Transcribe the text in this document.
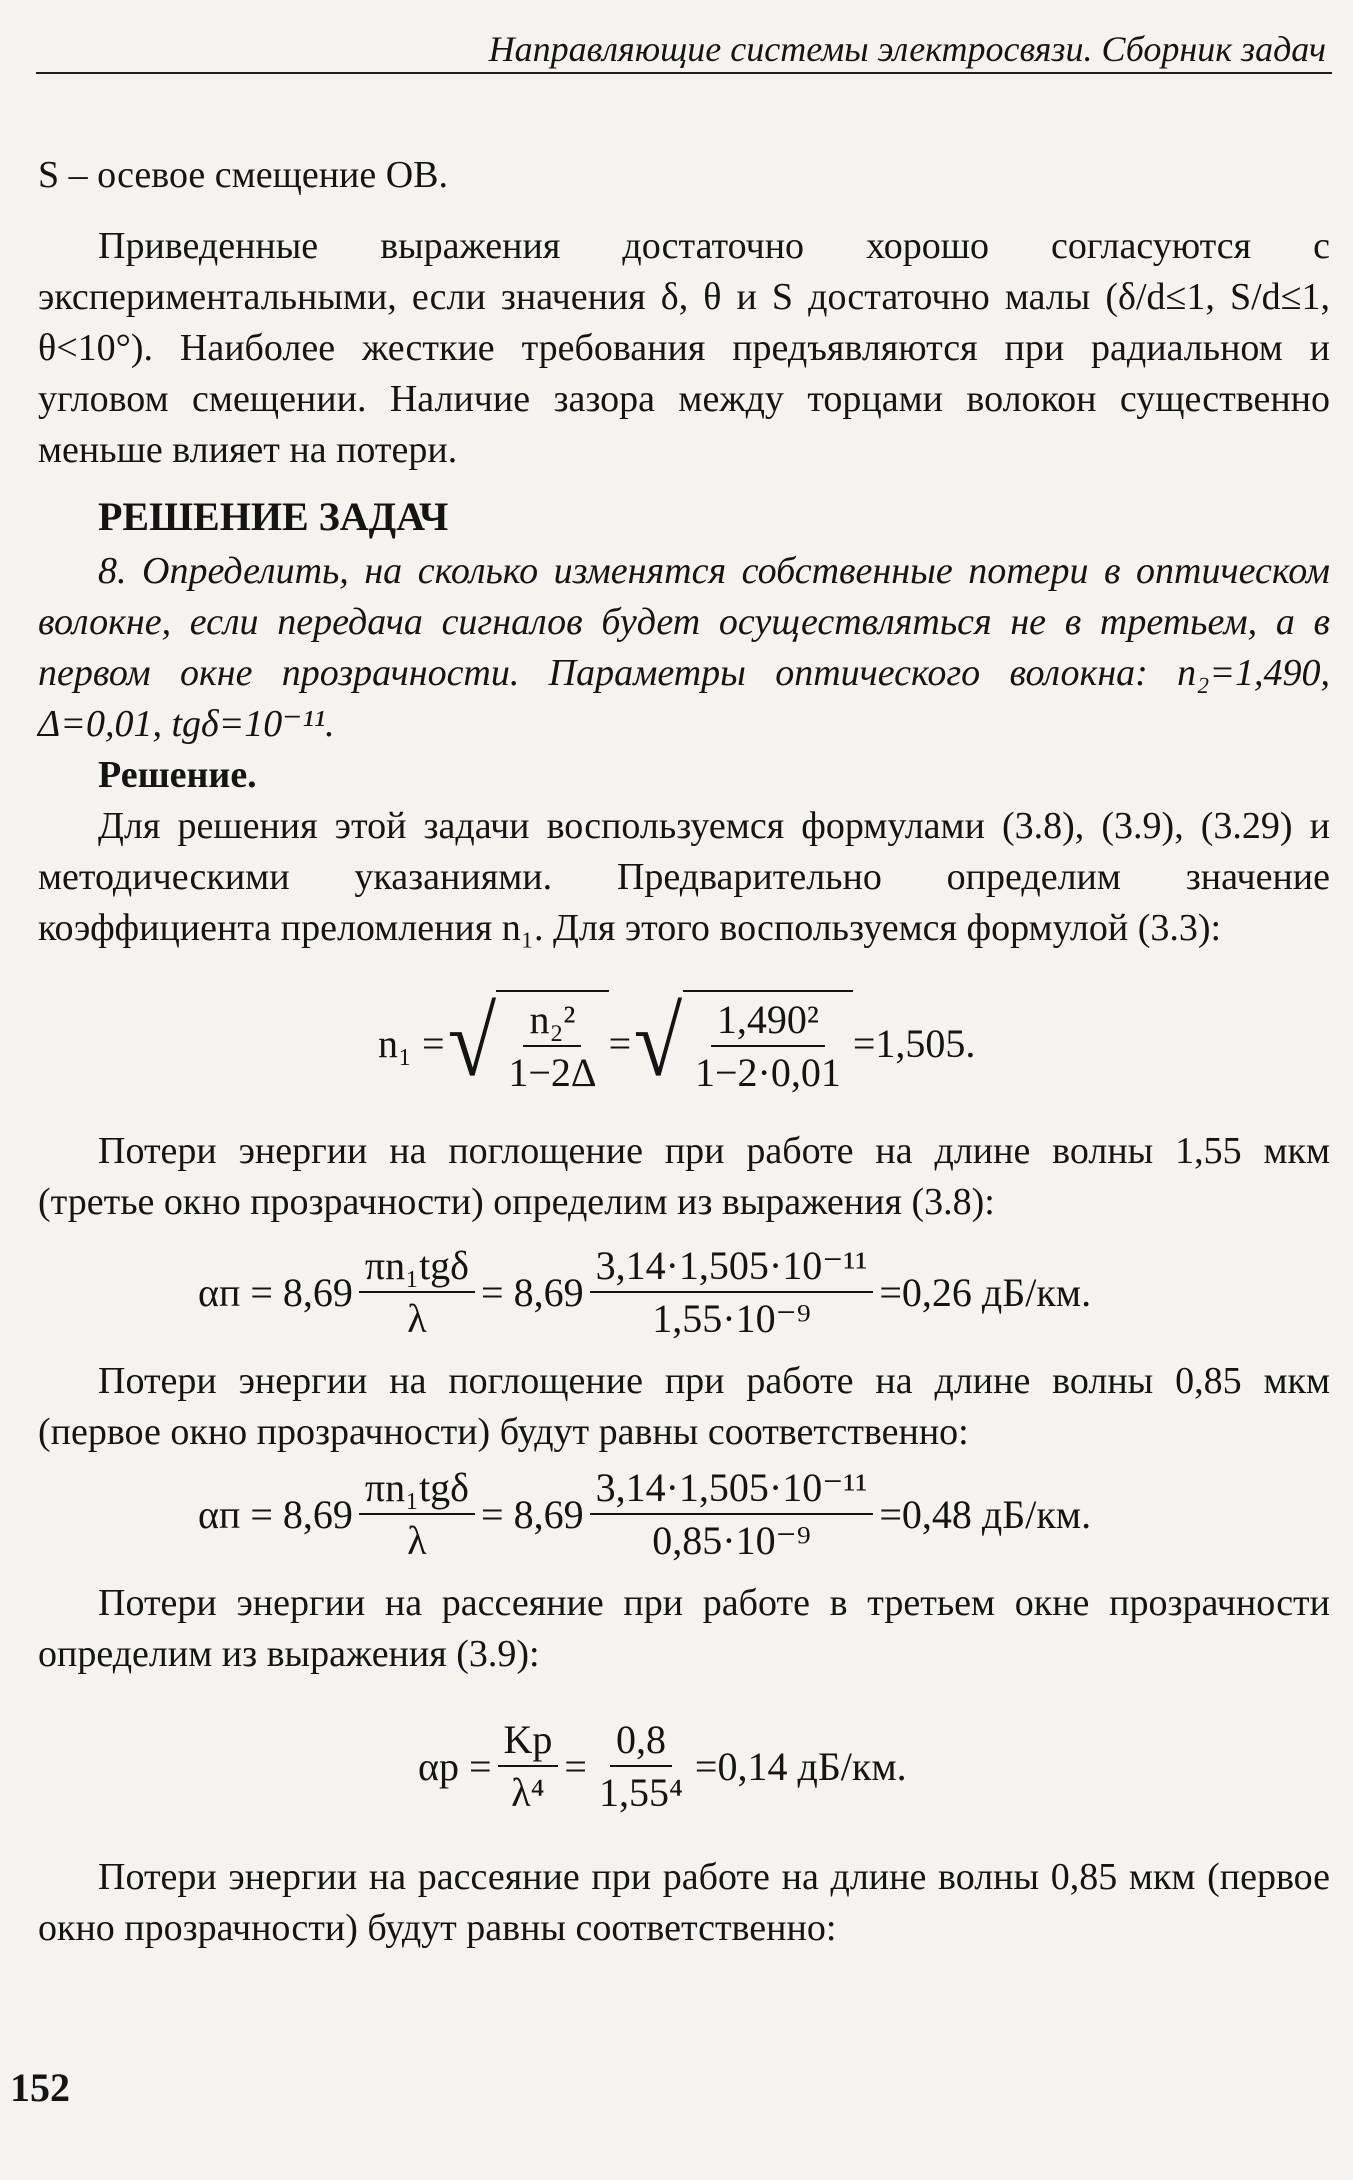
Направляющие системы электросвязи. Сборник задач

S – осевое смещение ОВ.

Приведенные выражения достаточно хорошо согласуются с экспериментальными, если значения δ, θ и S достаточно малы (δ/d≤1, S/d≤1, θ<10°). Наиболее жесткие требования предъявляются при радиальном и угловом смещении. Наличие зазора между торцами волокон существенно меньше влияет на потери.

РЕШЕНИЕ ЗАДАЧ

8. Определить, на сколько изменятся собственные потери в оптическом волокне, если передача сигналов будет осуществляться не в третьем, а в первом окне прозрачности. Параметры оптического волокна: n₂=1,490, Δ=0,01, tgδ=10⁻¹¹.

Решение.

Для решения этой задачи воспользуемся формулами (3.8), (3.9), (3.29) и методическими указаниями. Предварительно определим значение коэффициента преломления n₁. Для этого воспользуемся формулой (3.3):

n₁ = √ $\frac{\text{n₂²}}{1-2\Delta}$ = √ $\frac{\text{1,490²}}{1-2\cdot 0,01} =1,505$.

Потери энергии на поглощение при работе на длине волны 1,55 мкм (третье окно прозрачности) определим из выражения (3.8):

$\alpha п = 8,69 \frac{\text{πn₁tgδ}}{\lambda} = 8,69 \frac{\text{3,14·1,505·10⁻¹¹}}{\text{1,55·10⁻⁹}} =0,26$ дБ/км.

Потери энергии на поглощение при работе на длине волны 0,85 мкм (первое окно прозрачности) будут равны соответственно:

$\alpha п = 8,69 \frac{\text{πn₁tgδ}}{\lambda} = 8,69 \frac{\text{3,14·1,505·10⁻¹¹}}{\text{0,85·10⁻⁹}} =0,48$ дБ/км.

Потери энергии на рассеяние при работе в третьем окне прозрачности определим из выражения (3.9):

$\alpha р = \frac{Kр}{\text{λ⁴}} = \frac{0,8}{\text{1,55⁴}} =0,14$ дБ/км.

Потери энергии на рассеяние при работе на длине волны 0,85 мкм (первое окно прозрачности) будут равны соответственно:

152
